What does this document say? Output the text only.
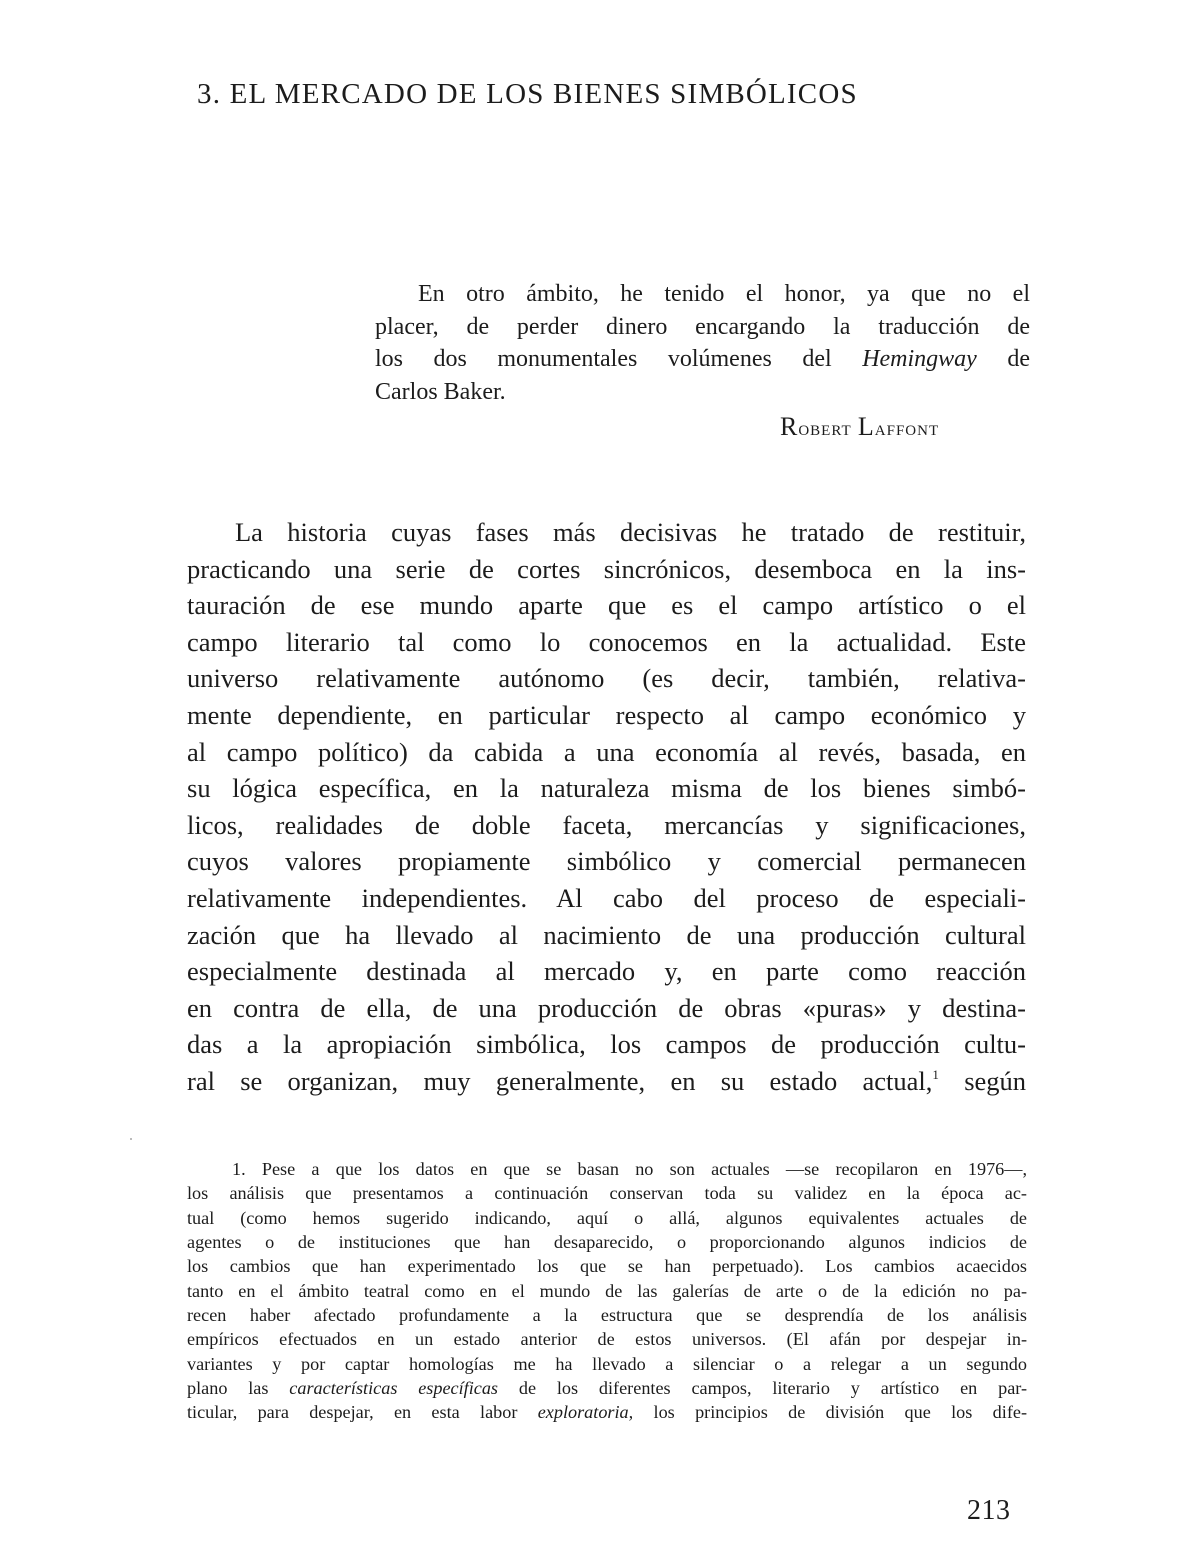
3. EL MERCADO DE LOS BIENES SIMBÓLICOS
En otro ámbito, he tenido el honor, ya que no el
placer, de perder dinero encargando la traducción de
los dos monumentales volúmenes del Hemingway de
Carlos Baker.
Robert Laffont
La historia cuyas fases más decisivas he tratado de restituir,
practicando una serie de cortes sincrónicos, desemboca en la ins-
tauración de ese mundo aparte que es el campo artístico o el
campo literario tal como lo conocemos en la actualidad. Este
universo relativamente autónomo (es decir, también, relativa-
mente dependiente, en particular respecto al campo económico y
al campo político) da cabida a una economía al revés, basada, en
su lógica específica, en la naturaleza misma de los bienes simbó-
licos, realidades de doble faceta, mercancías y significaciones,
cuyos valores propiamente simbólico y comercial permanecen
relativamente independientes. Al cabo del proceso de especiali-
zación que ha llevado al nacimiento de una producción cultural
especialmente destinada al mercado y, en parte como reacción
en contra de ella, de una producción de obras «puras» y destina-
das a la apropiación simbólica, los campos de producción cultu-
ral se organizan, muy generalmente, en su estado actual,$^1$ según
1. Pese a que los datos en que se basan no son actuales —se recopilaron en 1976—,
los análisis que presentamos a continuación conservan toda su validez en la época ac-
tual (como hemos sugerido indicando, aquí o allá, algunos equivalentes actuales de
agentes o de instituciones que han desaparecido, o proporcionando algunos indicios de
los cambios que han experimentado los que se han perpetuado). Los cambios acaecidos
tanto en el ámbito teatral como en el mundo de las galerías de arte o de la edición no pa-
recen haber afectado profundamente a la estructura que se desprendía de los análisis
empíricos efectuados en un estado anterior de estos universos. (El afán por despejar in-
variantes y por captar homologías me ha llevado a silenciar o a relegar a un segundo
plano las características específicas de los diferentes campos, literario y artístico en par-
ticular, para despejar, en esta labor exploratoria, los principios de división que los dife-
213
